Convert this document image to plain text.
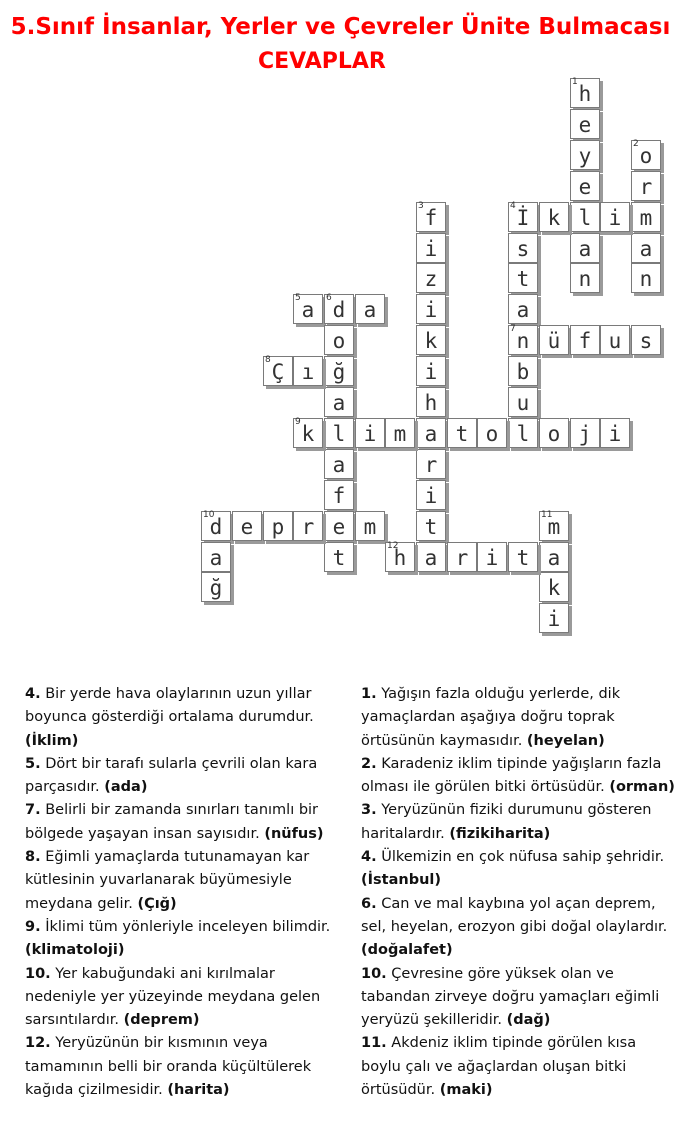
5.Sınıf İnsanlar, Yerler ve Çevreler Ünite Bulmacası
CEVAPLAR
1 h
e
y
e
l
a
n
2 o
r
m
a
n
3 f
i
z
i
k
i
h
a
r
i
t
a
4 İ k	i
s
t
a
7 n
b
u
l
5 a	6 d a
o
ğ
a
l
a
f
e
t
ü f u s
8 Ç ı
9 k	i m	t o	o j i
10
d e p r	m
a
ğ
11
m
a
k
i
12
h	r i t

4. Bir yerde hava olaylarının uzun yıllar boyunca gösterdiği ortalama durumdur. (İklim)

5. Dört bir tarafı sularla çevrili olan kara parçasıdır. (ada)

7. Belirli bir zamanda sınırları tanımlı bir bölgede yaşayan insan sayısıdır. (nüfus)

8. Eğimli yamaçlarda tutunamayan kar kütlesinin yuvarlanarak büyümesiyle meydana gelir. (Çığ)

9. İklimi tüm yönleriyle inceleyen bilimdir. (klimatoloji)

10. Yer kabuğundaki ani kırılmalar nedeniyle yer yüzeyinde meydana gelen sarsıntılardır. (deprem)

12. Yeryüzünün bir kısmının veya tamamının belli bir oranda küçültülerek kağıda çizilmesidir. (harita)

1. Yağışın fazla olduğu yerlerde, dik yamaçlardan aşağıya doğru toprak örtüsünün kaymasıdır. (heyelan)

2. Karadeniz iklim tipinde yağışların fazla olması ile görülen bitki örtüsüdür. (orman)

3. Yeryüzünün fiziki durumunu gösteren haritalardır. (fizikiharita)

4. Ülkemizin en çok nüfusa sahip şehridir. (İstanbul)

6. Can ve mal kaybına yol açan deprem, sel, heyelan, erozyon gibi doğal olaylardır. (doğalafet)

10. Çevresine göre yüksek olan ve tabandan zirveye doğru yamaçları eğimli yeryüzü şekilleridir. (dağ)

11. Akdeniz iklim tipinde görülen kısa boylu çalı ve ağaçlardan oluşan bitki örtüsüdür. (maki)
